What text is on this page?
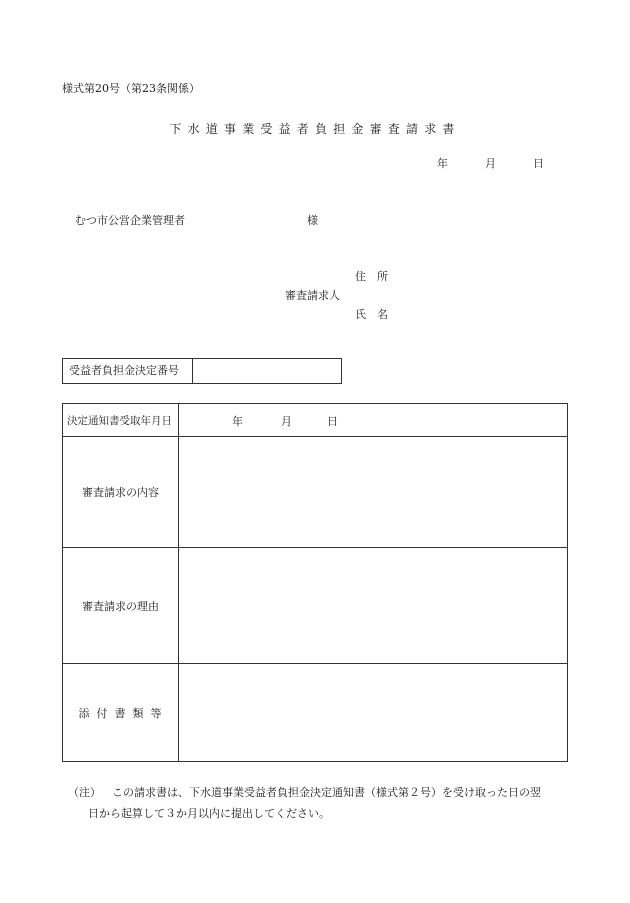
様式第20号（第23条関係）
下水道事業受益者負担金審査請求書
年	月	日
むつ市公営企業管理者	様
住所
審査請求人
氏名
受益者負担金決定番号
決定通知書受取年月日	年	月	日
審査請求の内容
審査請求の理由
添付書類等
（注） この請求書は、下水道事業受益者負担金決定通知書（様式第２号）を受け取った日の翌
日から起算して３か月以内に提出してください。
